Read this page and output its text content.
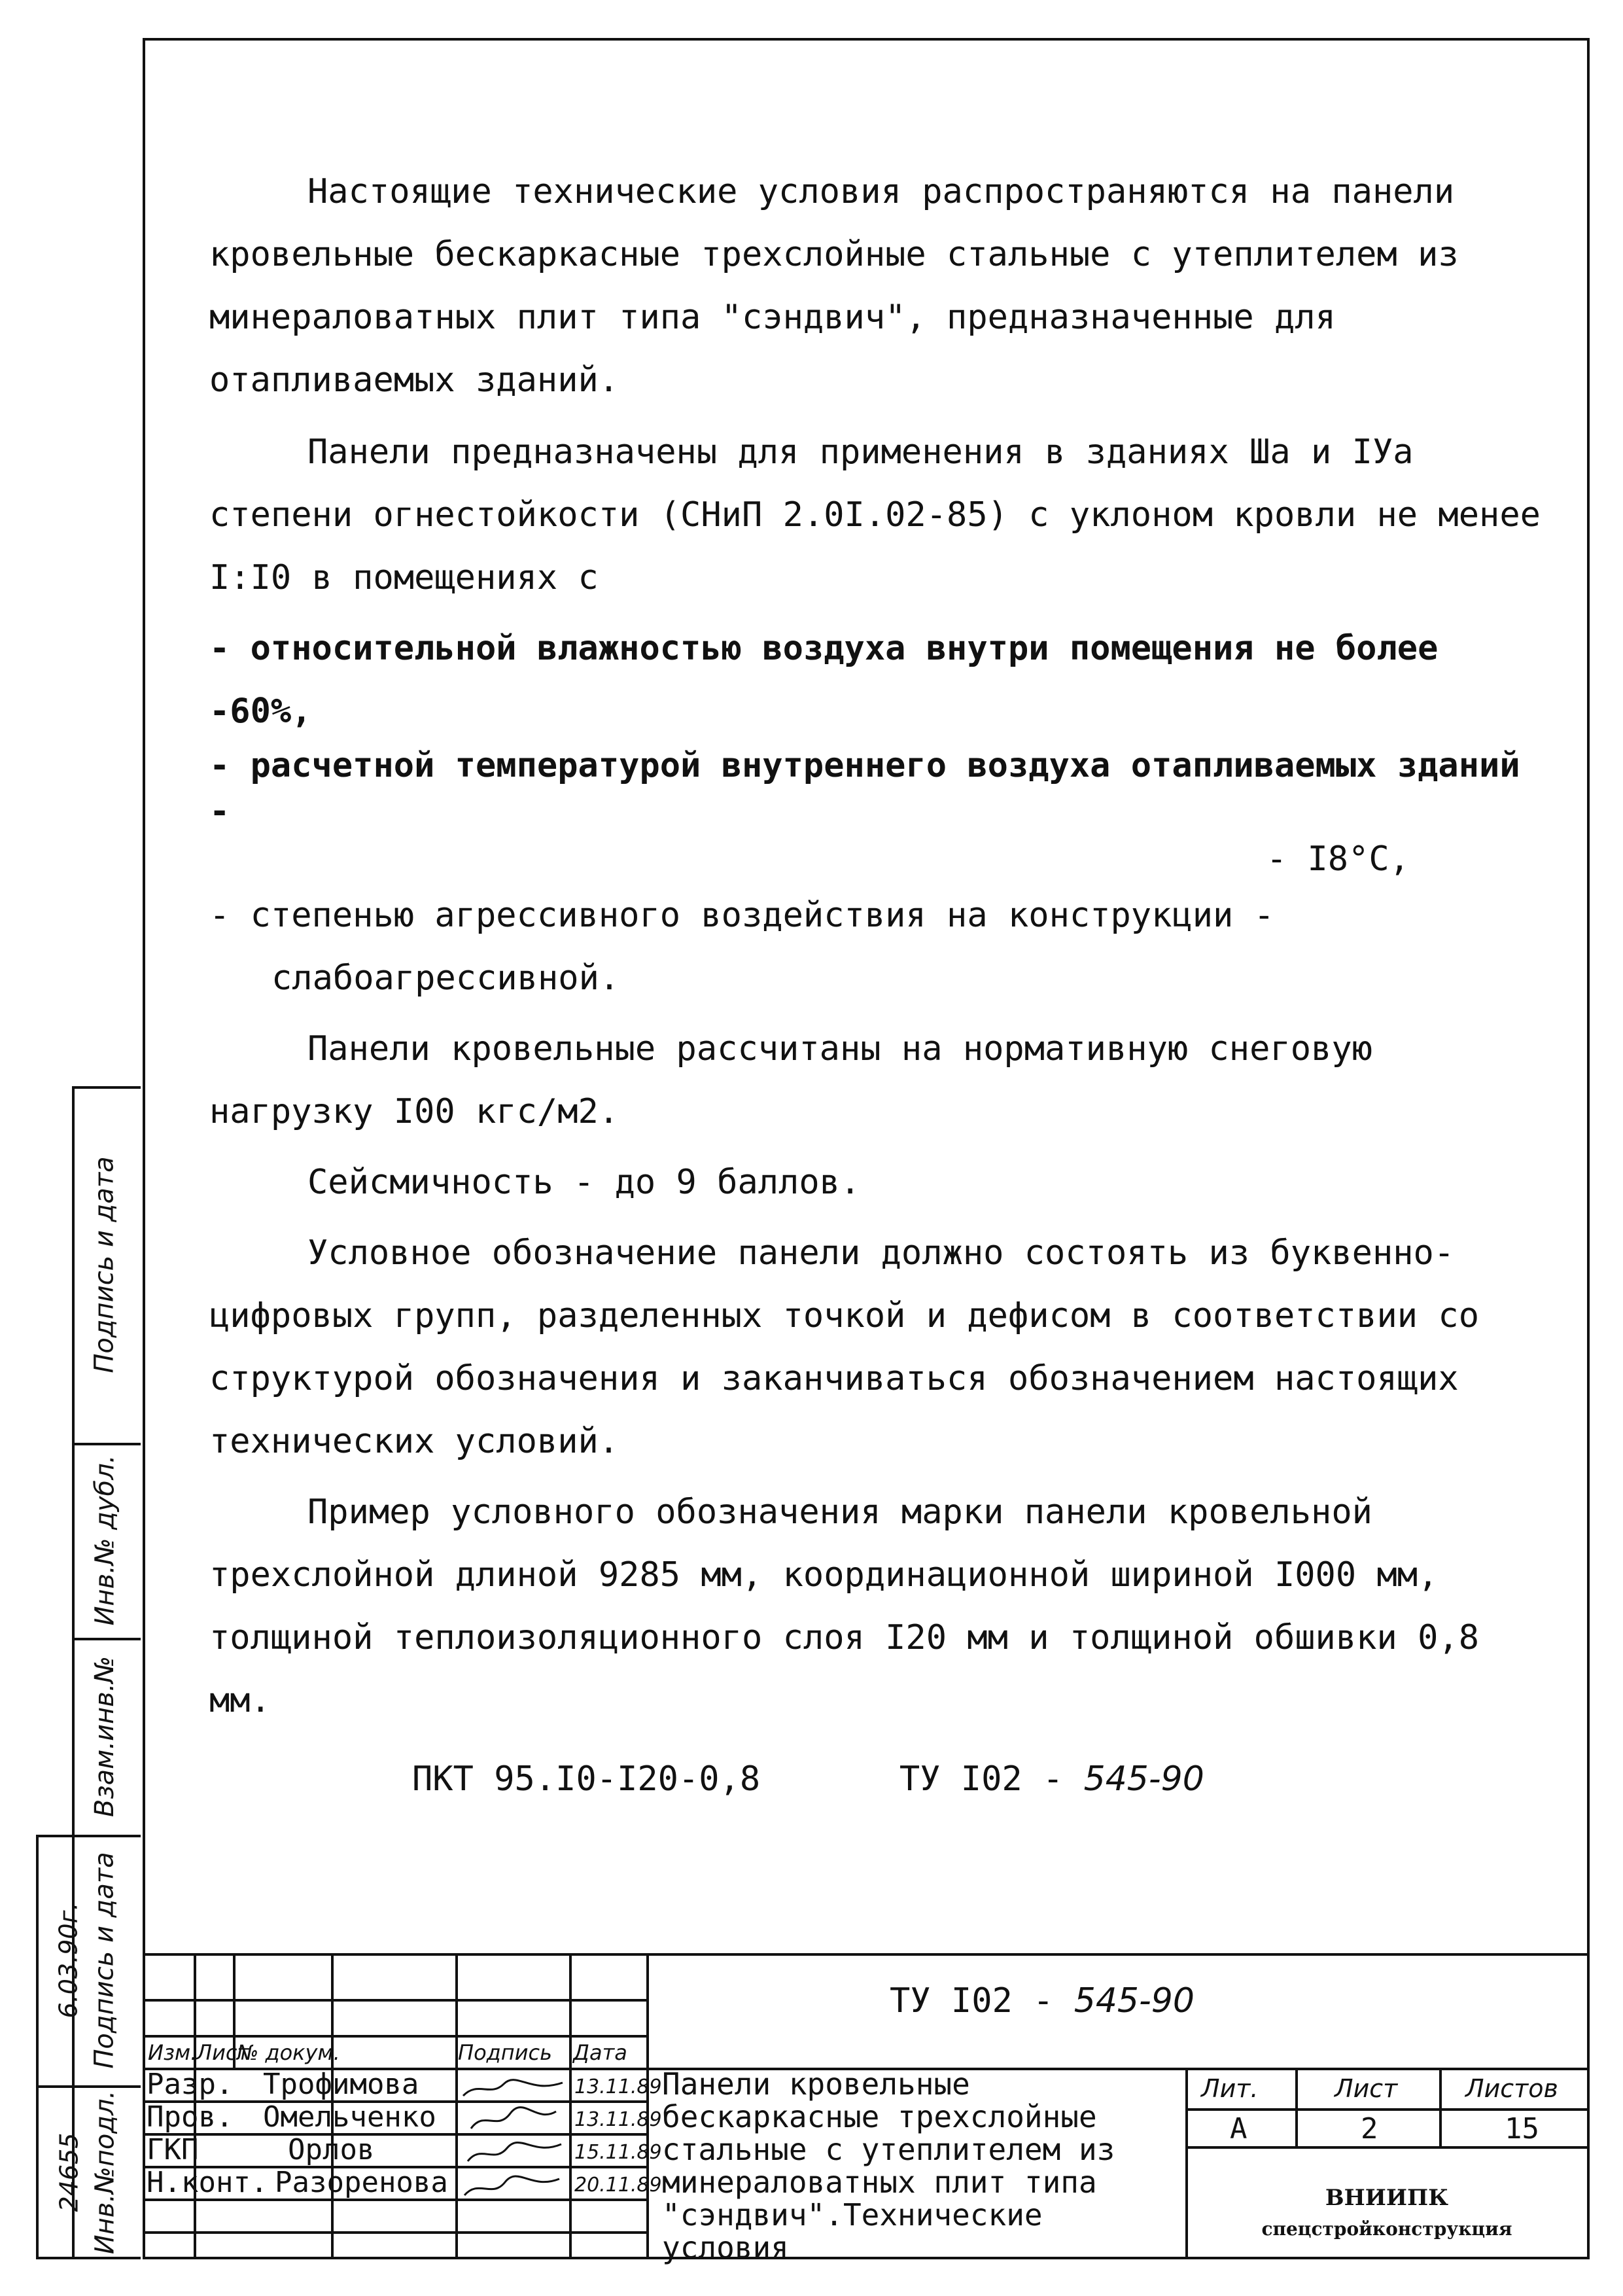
Настоящие технические условия распространяются на панели кровельные бескаркасные трехслойные стальные с утеплителем из минераловатных плит типа "сэндвич", предназначенные для отапливаемых зданий.

Панели предназначены для применения в зданиях Ша и IУа степени огнестойкости (СНиП 2.0I.02-85) с уклоном кровли не менее I:I0 в помещениях с

- относительной влажностью воздуха внутри помещения не более -60%,

- расчетной температурой внутреннего воздуха отапливаемых зданий -

- I8°С,

- степенью агрессивного воздействия на конструкции -

слабоагрессивной.

Панели кровельные рассчитаны на нормативную снеговую нагрузку I00 кгс/м2.

Сейсмичность - до 9 баллов.

Условное обозначение панели должно состоять из буквенно-цифровых групп, разделенных точкой и дефисом в соответствии со структурой обозначения и заканчиваться обозначением настоящих технических условий.

Пример условного обозначения марки панели кровельной трехслойной длиной 9285 мм, координационной шириной I000 мм, толщиной теплоизоляционного слоя I20 мм и толщиной обшивки 0,8 мм.

ПКТ 95.I0-I20-0,8	ТУ I02 - 545-90

Подпись и дата
Инв.№ дубл.
Взам.инв.№
Подпись и дата
Инв.№подл.
6.03.90г.
24655
ТУ I02 - 545-90
Изм.
Лист
№ докум.	Подпись Дата
Разр. Трофимова	13.11.89
Пров. Омельченко	13.11.89
ГКП	Орлов	15.11.89
Н.конт. Разоренова	20.11.89
Панели кровельные бескаркасные трехслойные стальные с утеплителем из минераловатных плит типа "сэндвич".Технические условия
Лит.	Лист	Листов
А	2	15
ВНИИПК
спецстройконструкция
